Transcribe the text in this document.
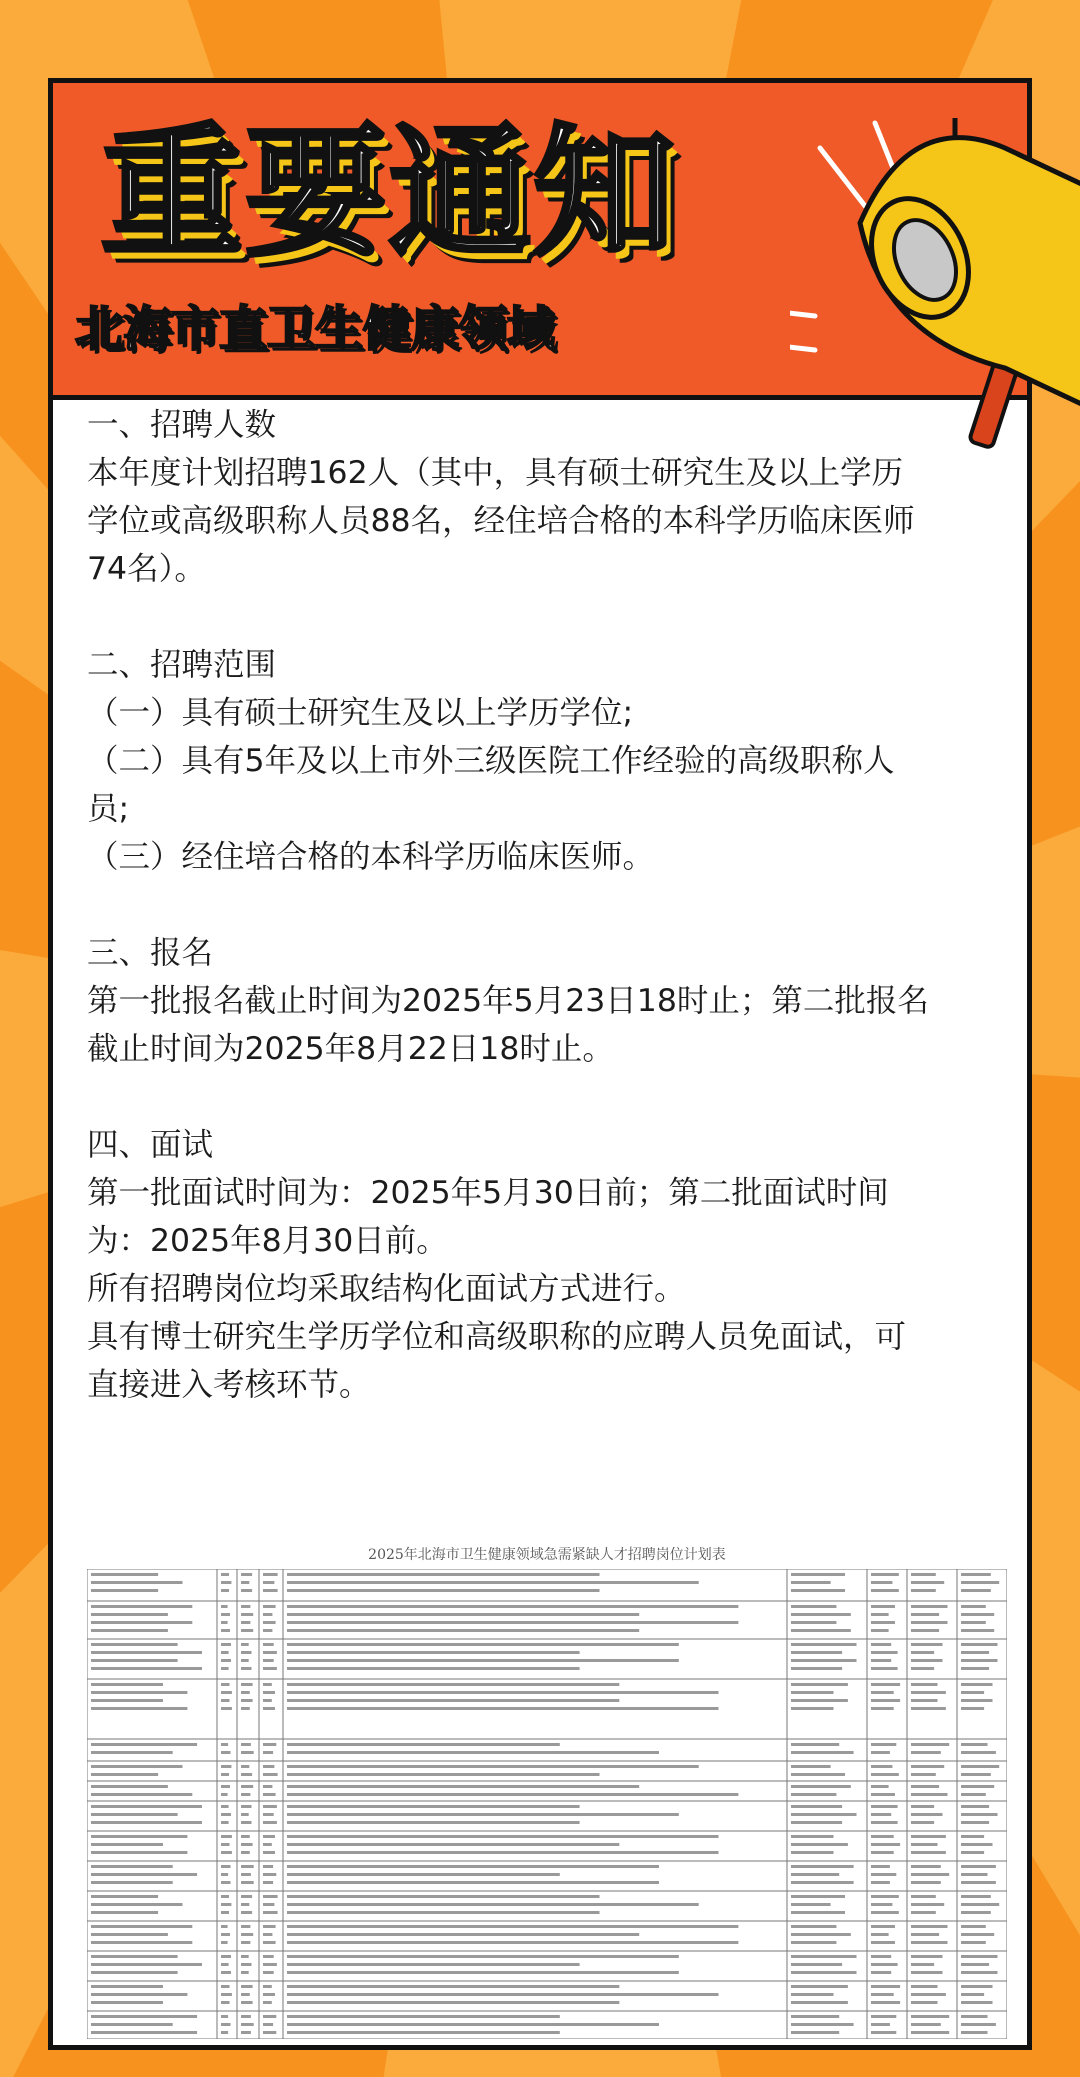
重要通知
北海市直卫生健康领域

一、招聘人数

本年度计划招聘162人（其中，具有硕士研究生及以上学历

学位或高级职称人员88名，经住培合格的本科学历临床医师

74名）。

二、招聘范围

（一）具有硕士研究生及以上学历学位;

（二）具有5年及以上市外三级医院工作经验的高级职称人

员;

（三）经住培合格的本科学历临床医师。

三、报名

第一批报名截止时间为2025年5月23日18时止；第二批报名

截止时间为2025年8月22日18时止。

四、面试

第一批面试时间为：2025年5月30日前；第二批面试时间

为：2025年8月30日前。

所有招聘岗位均采取结构化面试方式进行。

具有博士研究生学历学位和高级职称的应聘人员免面试，可

直接进入考核环节。

2025年北海市卫生健康领域急需紧缺人才招聘岗位计划表
